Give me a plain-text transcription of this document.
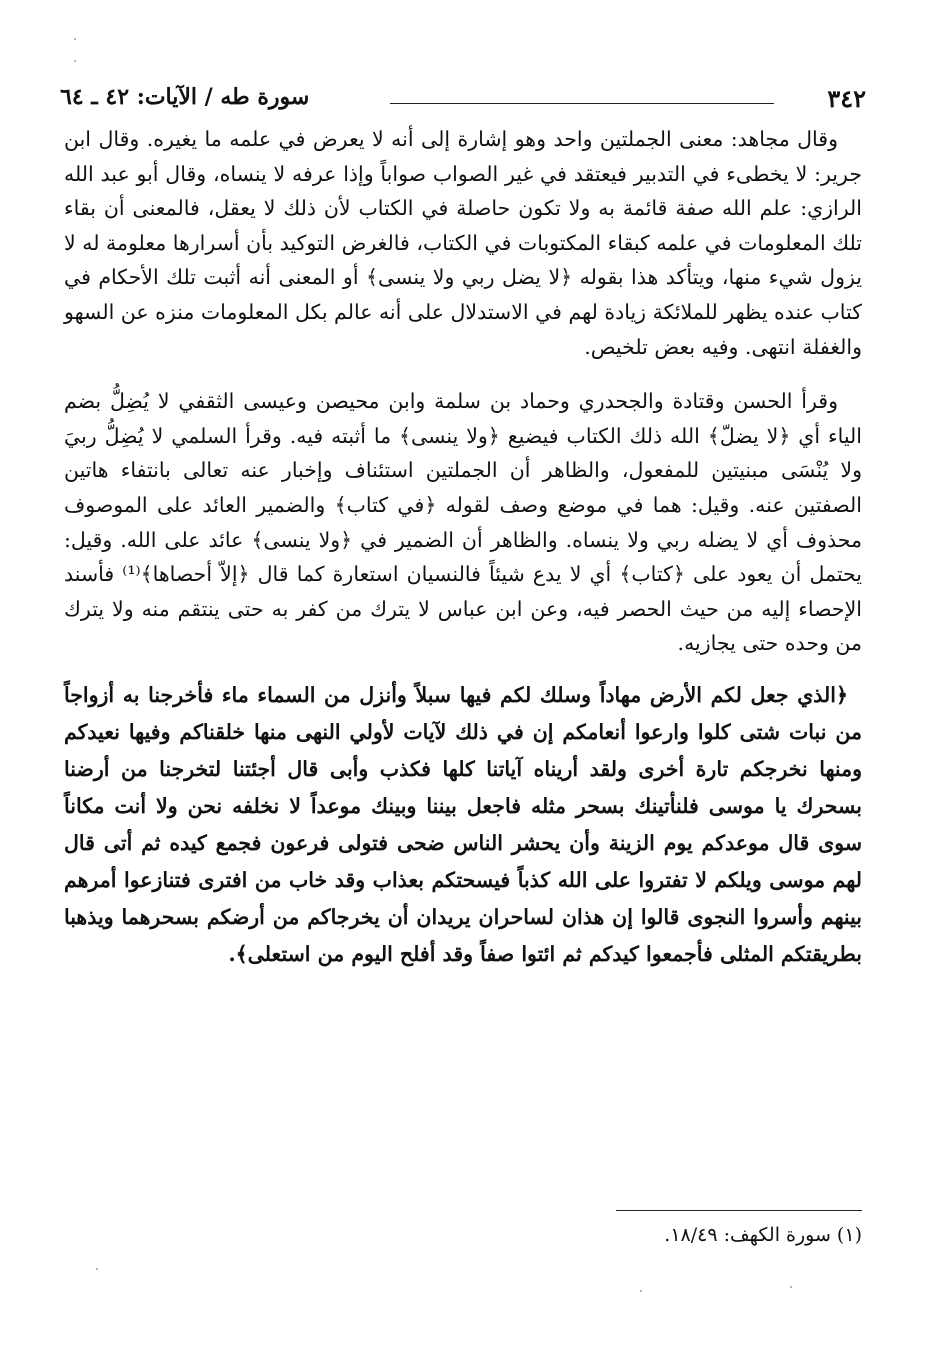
٣٤٢
سورة طه / الآيات: ٤٢ ـ ٦٤

وقال مجاهد: معنى الجملتين واحد وهو إشارة إلى أنه لا يعرض في علمه ما يغيره. وقال ابن جرير: لا يخطىء في التدبير فيعتقد في غير الصواب صواباً وإذا عرفه لا ينساه، وقال أبو عبد الله الرازي: علم الله صفة قائمة به ولا تكون حاصلة في الكتاب لأن ذلك لا يعقل، فالمعنى أن بقاء تلك المعلومات في علمه كبقاء المكتوبات في الكتاب، فالغرض التوكيد بأن أسرارها معلومة له لا يزول شيء منها، ويتأكد هذا بقوله ﴿لا يضل ربي ولا ينسى﴾ أو المعنى أنه أثبت تلك الأحكام في كتاب عنده يظهر للملائكة زيادة لهم في الاستدلال على أنه عالم بكل المعلومات منزه عن السهو والغفلة انتهى. وفيه بعض تلخيص.

وقرأ الحسن وقتادة والجحدري وحماد بن سلمة وابن محيصن وعيسى الثقفي لا يُضِلُّ بضم الياء أي ﴿لا يضلّ﴾ الله ذلك الكتاب فيضيع ﴿ولا ينسى﴾ ما أثبته فيه. وقرأ السلمي لا يُضِلُّ ربيَ ولا يُنْسَى مبنيتين للمفعول، والظاهر أن الجملتين استئناف وإخبار عنه تعالى بانتفاء هاتين الصفتين عنه. وقيل: هما في موضع وصف لقوله ﴿في كتاب﴾ والضمير العائد على الموصوف محذوف أي لا يضله ربي ولا ينساه. والظاهر أن الضمير في ﴿ولا ينسى﴾ عائد على الله. وقيل: يحتمل أن يعود على ﴿كتاب﴾ أي لا يدع شيئاً فالنسيان استعارة كما قال ﴿إلاّ أحصاها﴾⁽¹⁾ فأسند الإحصاء إليه من حيث الحصر فيه، وعن ابن عباس لا يترك من كفر به حتى ينتقم منه ولا يترك من وحده حتى يجازيه.

﴿الذي جعل لكم الأرض مهاداً وسلك لكم فيها سبلاً وأنزل من السماء ماء فأخرجنا به أزواجاً من نبات شتى كلوا وارعوا أنعامكم إن في ذلك لآيات لأولي النهى منها خلقناكم وفيها نعيدكم ومنها نخرجكم تارة أخرى ولقد أريناه آياتنا كلها فكذب وأبى قال أجئتنا لتخرجنا من أرضنا بسحرك يا موسى فلنأتينك بسحر مثله فاجعل بيننا وبينك موعداً لا نخلفه نحن ولا أنت مكاناً سوى قال موعدكم يوم الزينة وأن يحشر الناس ضحى فتولى فرعون فجمع كيده ثم أتى قال لهم موسى ويلكم لا تفتروا على الله كذباً فيسحتكم بعذاب وقد خاب من افترى فتنازعوا أمرهم بينهم وأسروا النجوى قالوا إن هذان لساحران يريدان أن يخرجاكم من أرضكم بسحرهما ويذهبا بطريقتكم المثلى فأجمعوا كيدكم ثم ائتوا صفاً وقد أفلح اليوم من استعلى﴾.

(١) سورة الكهف: ١٨/٤٩.
